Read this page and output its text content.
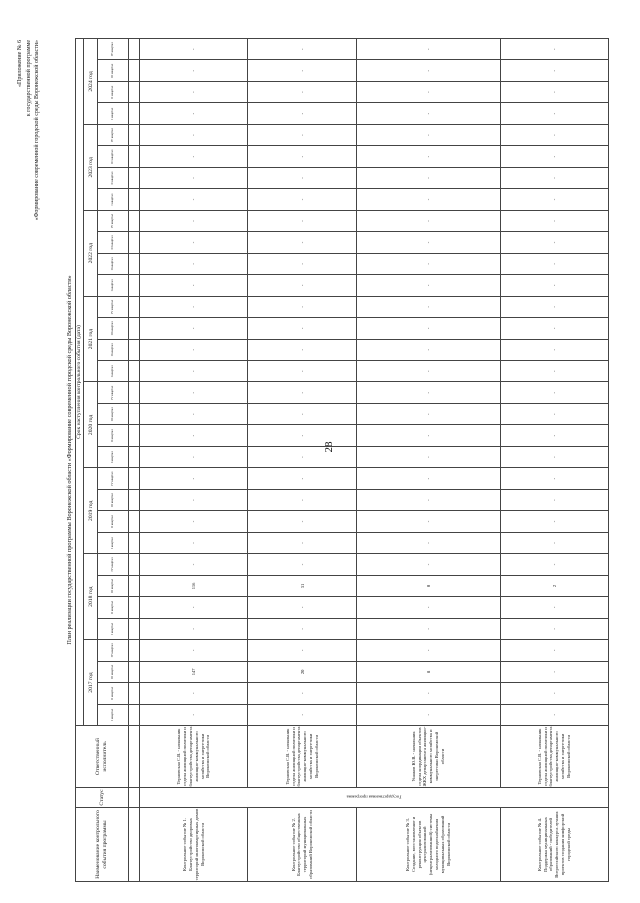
28
«Приложение № 6 к государственной программе «Формирование современной городской среды Воронежской области»
План реализации государственной программы Воронежской области «Формирование современной городской среды Воронежской области»
Наименование контрольного события программы	Статус	Ответственный исполнитель	Срок наступления контрольного события (дата)																															
			2017 год				2018 год				2019 год				2020 год				2021 год				2022 год				2023 год				2024 год			
			I квартал	II квартал	III квартал	IV квартал	I квартал	II квартал	III квартал	IV квартал	I квартал	II квартал	III квартал	IV квартал	I квартал	II квартал	III квартал	IV квартал	I квартал	II квартал	III квартал	IV квартал	I квартал	II квартал	III квартал	IV квартал	I квартал	II квартал	III квартал	IV квартал	I квартал	II квартал	III квартал	IV квартал

Контрольное событие № 1. Благоустройство дворовых территорий многоквартирных домов Воронежской области	Государственная программа	Терновская С.В. - начальник отдела жилищной политики и благоустройства департамента жилищно-коммунального хозяйства и энергетики Воронежской области	-	-	147	-	-	-	116	-	-	-	-	-	-	-	-	-	-	-	-	-	-	-	-	-	-	-	-	-	-	-	-	-
Контрольное событие № 2. Благоустройство общественных территорий муниципальных образований Воронежской области		Терновская С.В. - начальник отдела жилищной политики и благоустройства департамента жилищно-коммунального хозяйства и энергетики Воронежской области	-	-	20	-	-	-	31	-	-	-	-	-	-	-	-	-	-	-	-	-	-	-	-	-	-	-	-	-	-	-	-	-
Контрольное событие № 3. Создание, восстановление и реконструкция объектов централизованной (нецентрализованной) системы холодного водоснабжения муниципальных образований Воронежской области		Ушаков Ю.В. - начальник отдела координации объектов ЖКХ департамента жилищно-коммунального хозяйства и энергетики Воронежской области	-	-	8	-	-	-	0	-	-	-	-	-	-	-	-	-	-	-	-	-	-	-	-	-	-	-	-	-	-	-	-	-
Контрольное событие № 4. Поддержка муниципальных образований - победителей Всероссийского конкурса лучших проектов создания комфортной городской среды		Терновская С.В. - начальник отдела жилищной политики и благоустройства департамента жилищно-коммунального хозяйства и энергетики Воронежской области	-	-	-	-	-	-	2	-	-	-	-	-	-	-	-	-	-	-	-	-	-	-	-	-	-	-	-	-	-	-	-	-
